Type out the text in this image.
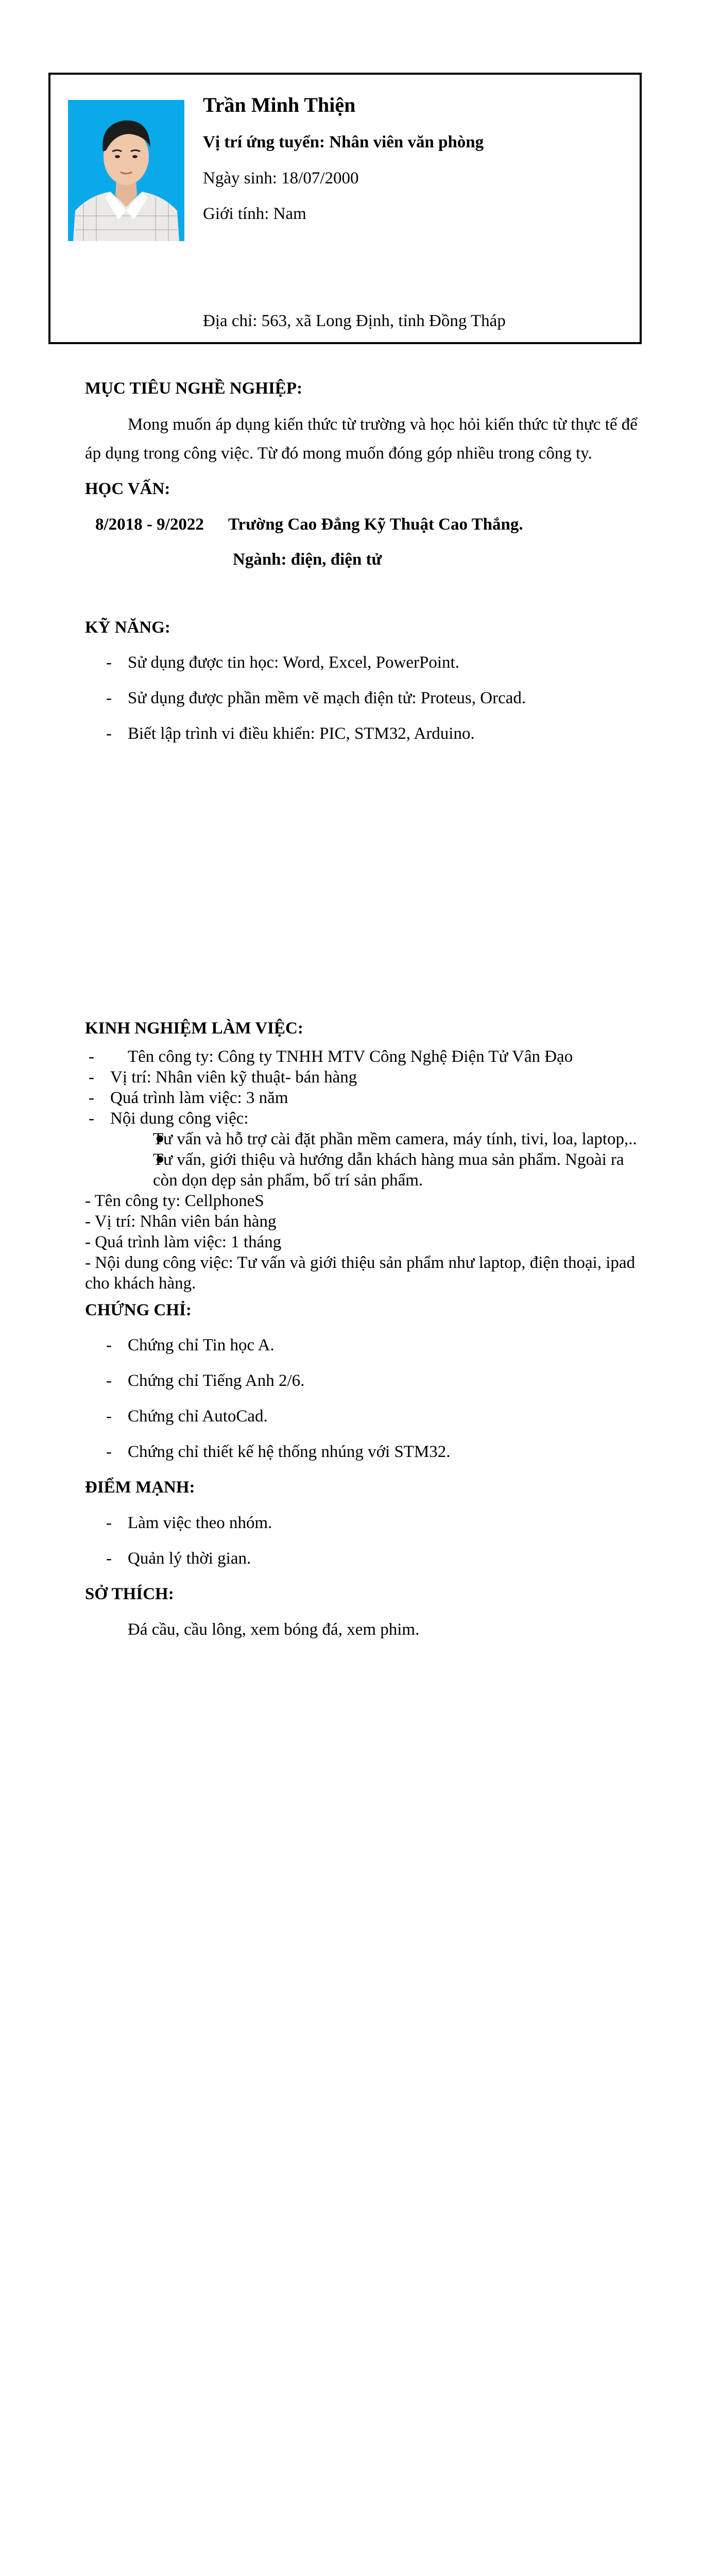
Trần Minh Thiện
Vị trí ứng tuyển: Nhân viên văn phòng
Ngày sinh: 18/07/2000
Giới tính: Nam
Địa chỉ: 563, xã Long Định, tỉnh Đồng Tháp
MỤC TIÊU NGHỀ NGHIỆP:
Mong muốn áp dụng kiến thức từ trường và học hỏi kiến thức từ thực tế để
áp dụng trong công việc. Từ đó mong muốn đóng góp nhiều trong công ty.
HỌC VẤN:
8/2018 - 9/2022 Trường Cao Đẳng Kỹ Thuật Cao Thắng.
Ngành: điện, điện tử
KỸ NĂNG:
- Sử dụng được tin học: Word, Excel, PowerPoint.
- Sử dụng được phần mềm vẽ mạch điện tử: Proteus, Orcad.
- Biết lập trình vi điều khiển: PIC, STM32, Arduino.
KINH NGHIỆM LÀM VIỆC:
- Tên công ty: Công ty TNHH MTV Công Nghệ Điện Tử Vân Đạo
- Vị trí: Nhân viên kỹ thuật- bán hàng
- Quá trình làm việc: 3 năm
- Nội dung công việc:
Tư vấn và hỗ trợ cài đặt phần mềm camera, máy tính, tivi, loa, laptop,..
Tư vấn, giới thiệu và hướng dẫn khách hàng mua sản phẩm. Ngoài ra
còn dọn dẹp sản phẩm, bố trí sản phẩm.
- Tên công ty: CellphoneS
- Vị trí: Nhân viên bán hàng
- Quá trình làm việc: 1 tháng
- Nội dung công việc: Tư vấn và giới thiệu sản phẩm như laptop, điện thoại, ipad
cho khách hàng.
CHỨNG CHỈ:
- Chứng chỉ Tin học A.
- Chứng chỉ Tiếng Anh 2/6.
- Chứng chỉ AutoCad.
- Chứng chỉ thiết kế hệ thống nhúng với STM32.
ĐIỂM MẠNH:
- Làm việc theo nhóm.
- Quản lý thời gian.
SỞ THÍCH:
Đá cầu, cầu lông, xem bóng đá, xem phim.
